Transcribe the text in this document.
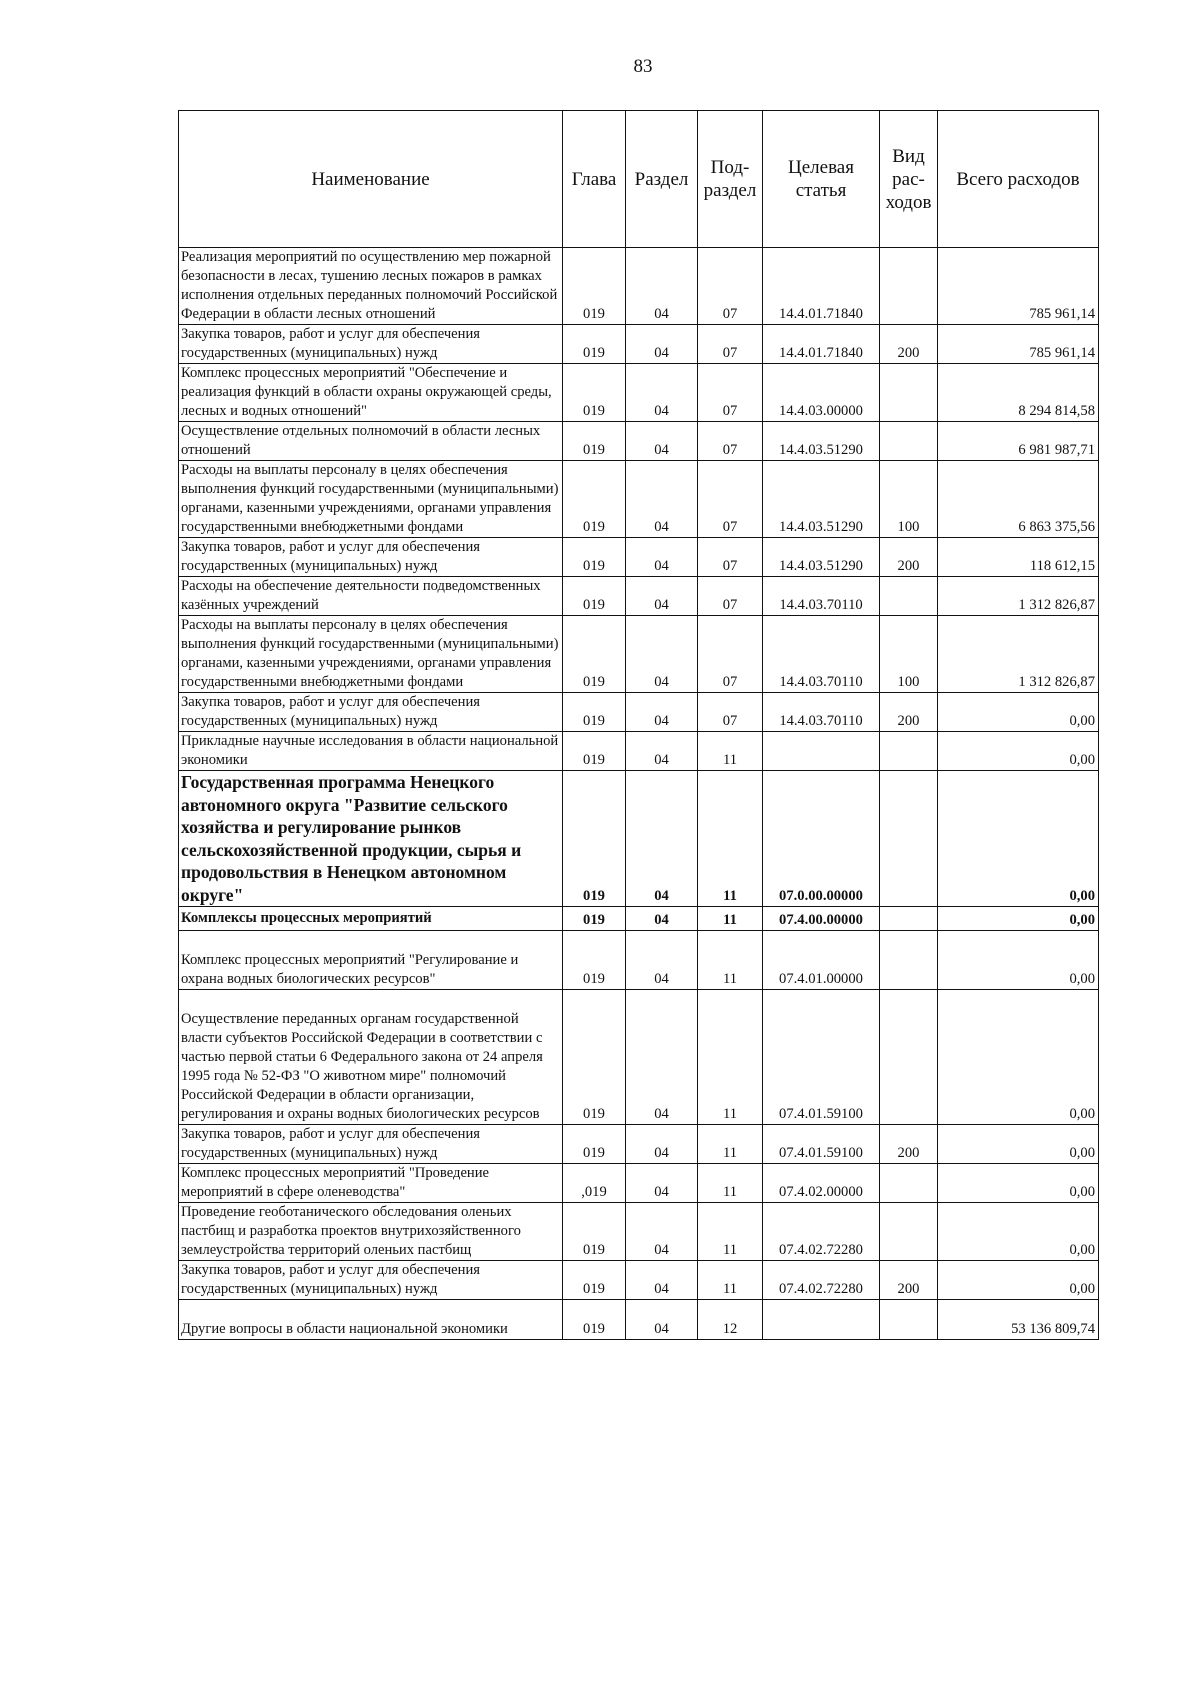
83
Наименование	Глава	Раздел	Под- раздел	Целевая статья	Вид рас- ходов	Всего расходов
Реализация мероприятий по осуществлению мер пожарной безопасности в лесах, тушению лесных пожаров в рамках исполнения отдельных переданных полномочий Российской Федерации в области лесных отношений	019	04	07	14.4.01.71840		785 961,14
Закупка товаров, работ и услуг для обеспечения государственных (муниципальных) нужд	019	04	07	14.4.01.71840	200	785 961,14
Комплекс процессных мероприятий "Обеспечение и реализация функций в области охраны окружающей среды, лесных и водных отношений"	019	04	07	14.4.03.00000		8 294 814,58
Осуществление отдельных полномочий в области лесных отношений	019	04	07	14.4.03.51290		6 981 987,71
Расходы на выплаты персоналу в целях обеспечения выполнения функций государственными (муниципальными) органами, казенными учреждениями, органами управления государственными внебюджетными фондами	019	04	07	14.4.03.51290	100	6 863 375,56
Закупка товаров, работ и услуг для обеспечения государственных (муниципальных) нужд	019	04	07	14.4.03.51290	200	118 612,15
Расходы на обеспечение деятельности подведомственных казённых учреждений	019	04	07	14.4.03.70110		1 312 826,87
Расходы на выплаты персоналу в целях обеспечения выполнения функций государственными (муниципальными) органами, казенными учреждениями, органами управления государственными внебюджетными фондами	019	04	07	14.4.03.70110	100	1 312 826,87
Закупка товаров, работ и услуг для обеспечения государственных (муниципальных) нужд	019	04	07	14.4.03.70110	200	0,00
Прикладные научные исследования в области национальной экономики	019	04	11			0,00
Государственная программа Ненецкого автономного округа "Развитие сельского хозяйства и регулирование рынков сельскохозяйственной продукции, сырья и продовольствия в Ненецком автономном округе"	019	04	11	07.0.00.00000		0,00
Комплексы процессных мероприятий	019	04	11	07.4.00.00000		0,00
Комплекс процессных мероприятий "Регулирование и охрана водных биологических ресурсов"	019	04	11	07.4.01.00000		0,00
Осуществление переданных органам государственной власти субъектов Российской Федерации в соответствии с частью первой статьи 6 Федерального закона от 24 апреля 1995 года № 52-ФЗ "О животном мире" полномочий Российской Федерации в области организации, регулирования и охраны водных биологических ресурсов	019	04	11	07.4.01.59100		0,00
Закупка товаров, работ и услуг для обеспечения государственных (муниципальных) нужд	019	04	11	07.4.01.59100	200	0,00
Комплекс процессных мероприятий "Проведение мероприятий в сфере оленеводства"	,019	04	11	07.4.02.00000		0,00
Проведение геоботанического обследования оленьих пастбищ и разработка проектов внутрихозяйственного землеустройства территорий оленьих пастбищ	019	04	11	07.4.02.72280		0,00
Закупка товаров, работ и услуг для обеспечения государственных (муниципальных) нужд	019	04	11	07.4.02.72280	200	0,00
Другие вопросы в области национальной экономики	019	04	12			53 136 809,74
